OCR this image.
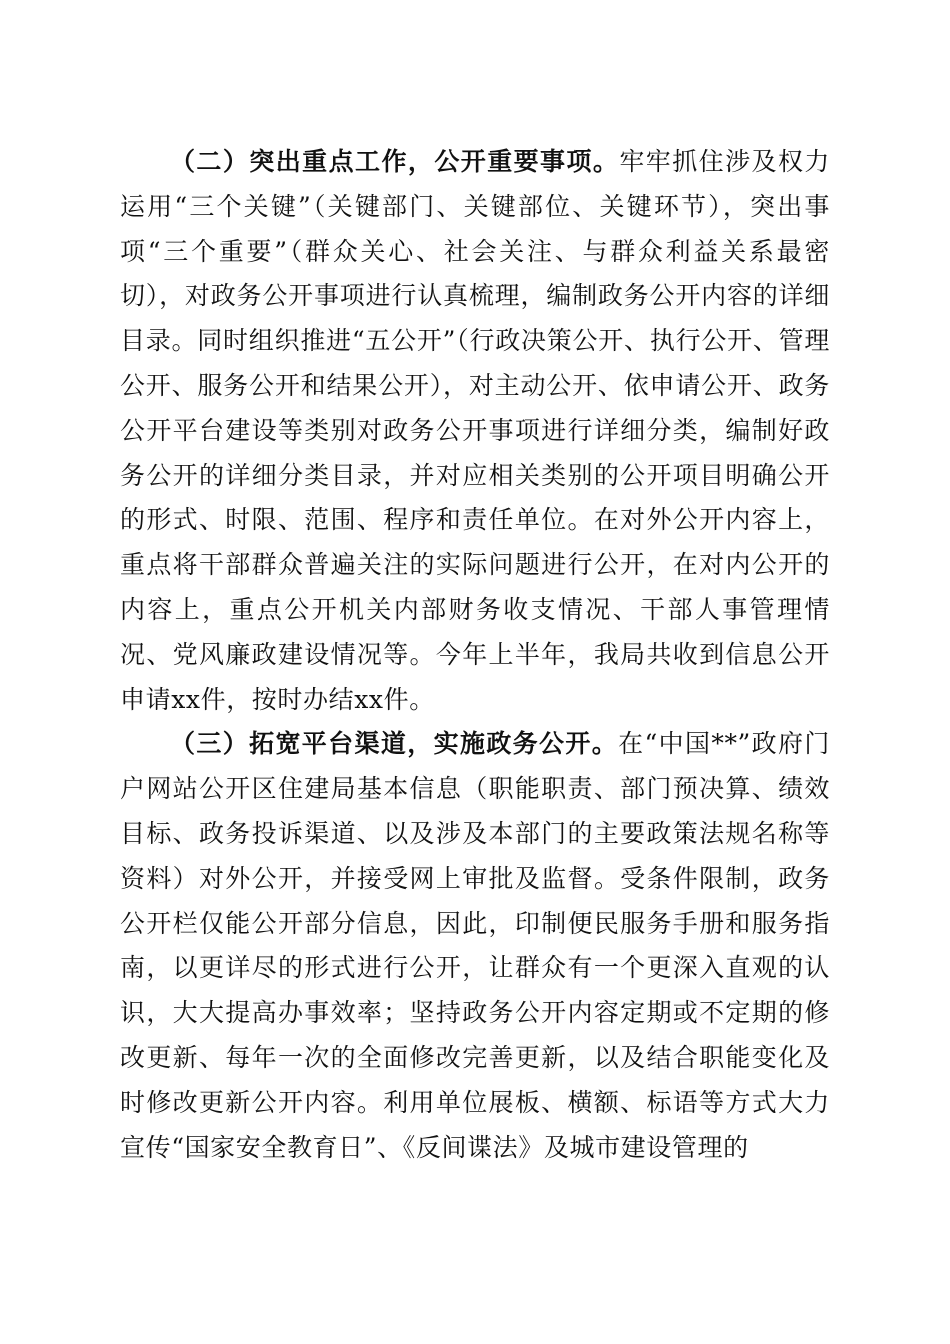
（二）突出重点工作，公开重要事项。牢牢抓住涉及权力运用“三个关键”（关键部门、关键部位、关键环节），突出事项“三个重要”（群众关心、社会关注、与群众利益关系最密切），对政务公开事项进行认真梳理，编制政务公开内容的详细目录。同时组织推进“五公开”（行政决策公开、执行公开、管理公开、服务公开和结果公开），对主动公开、依申请公开、政务公开平台建设等类别对政务公开事项进行详细分类，编制好政务公开的详细分类目录，并对应相关类别的公开项目明确公开的形式、时限、范围、程序和责任单位。在对外公开内容上，重点将干部群众普遍关注的实际问题进行公开，在对内公开的内容上，重点公开机关内部财务收支情况、干部人事管理情况、党风廉政建设情况等。今年上半年，我局共收到信息公开申请xx件，按时办结xx件。

（三）拓宽平台渠道，实施政务公开。在“中国**”政府门户网站公开区住建局基本信息（职能职责、部门预决算、绩效目标、政务投诉渠道、以及涉及本部门的主要政策法规名称等资料）对外公开，并接受网上审批及监督。受条件限制，政务公开栏仅能公开部分信息，因此，印制便民服务手册和服务指南，以更详尽的形式进行公开，让群众有一个更深入直观的认识，大大提高办事效率；坚持政务公开内容定期或不定期的修改更新、每年一次的全面修改完善更新，以及结合职能变化及时修改更新公开内容。利用单位展板、横额、标语等方式大力宣传“国家安全教育日”、《反间谍法》及城市建设管理的
